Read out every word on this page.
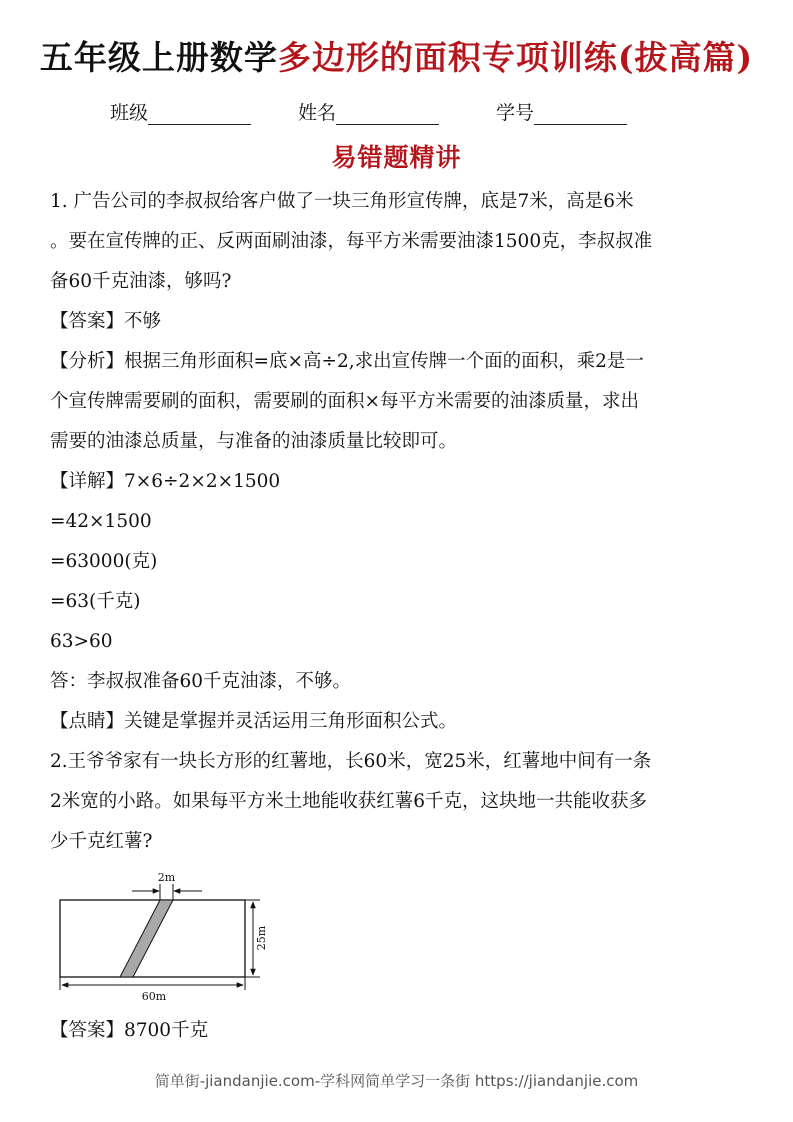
五年级上册数学多边形的面积专项训练(拔高篇)
班级	姓名	学号
易错题精讲
1. 广告公司的李叔叔给客户做了一块三角形宣传牌，底是7米，高是6米
。要在宣传牌的正、反两面刷油漆，每平方米需要油漆1500克，李叔叔准
备60千克油漆，够吗?
【答案】不够
【分析】根据三角形面积=底×高÷2,求出宣传牌一个面的面积，乘2是一
个宣传牌需要刷的面积，需要刷的面积×每平方米需要的油漆质量，求出
需要的油漆总质量，与准备的油漆质量比较即可。
【详解】7×6÷2×2×1500
=42×1500
=63000(克)
=63(千克)
63>60
答：李叔叔准备60千克油漆，不够。
【点睛】关键是掌握并灵活运用三角形面积公式。
2.王爷爷家有一块长方形的红薯地，长60米，宽25米，红薯地中间有一条
2米宽的小路。如果每平方米土地能收获红薯6千克，这块地一共能收获多
少千克红薯?
2m
25m
60m
【答案】8700千克
简单街-jiandanjie.com-学科网简单学习一条街 https://jiandanjie.com
